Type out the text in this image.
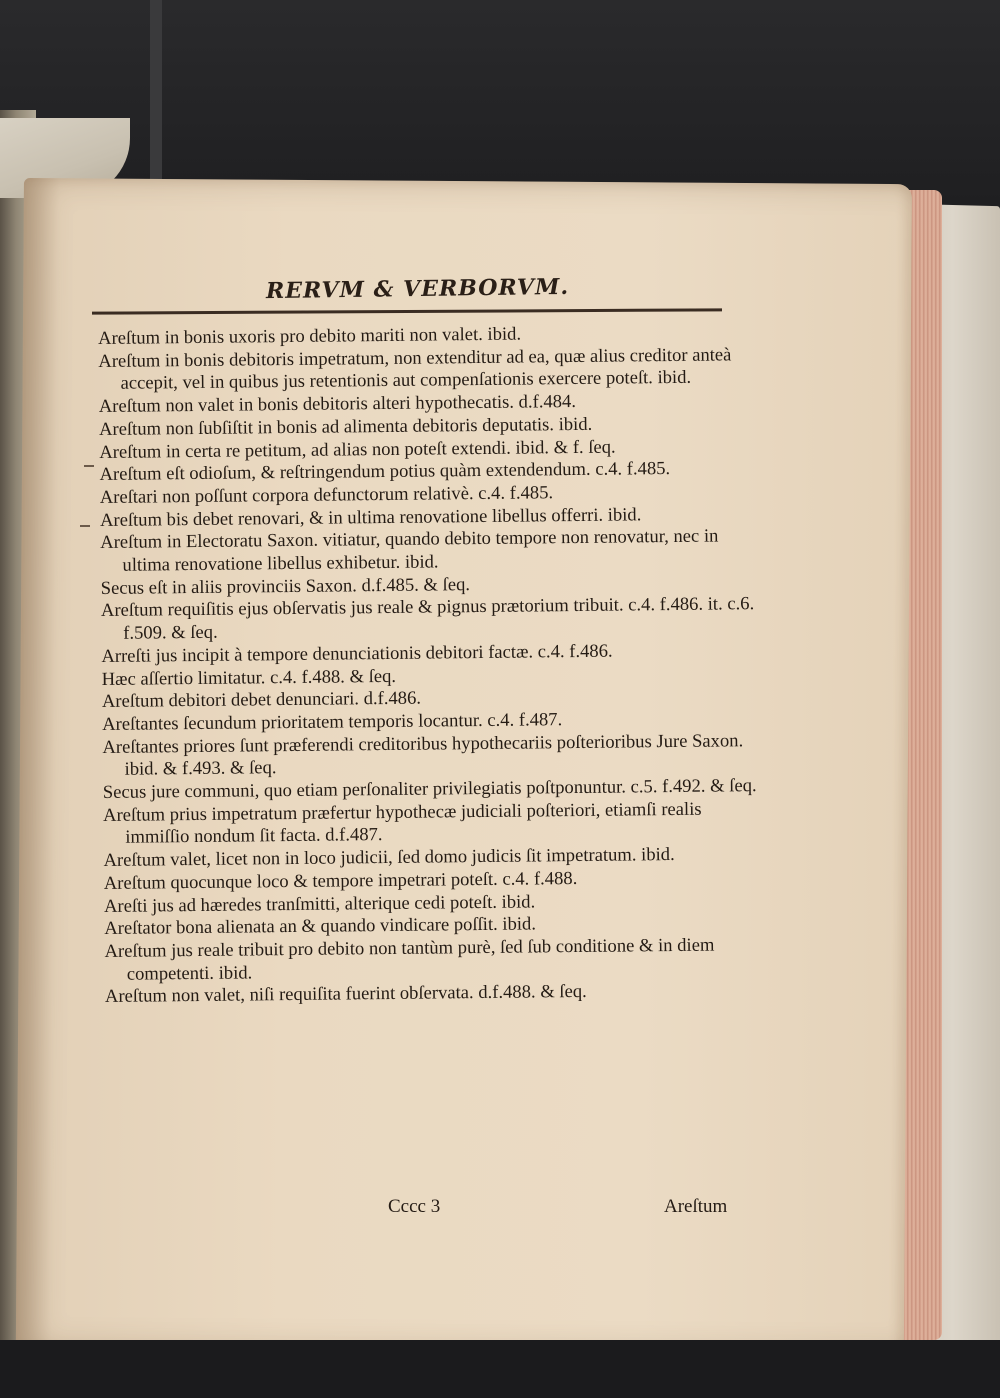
RERVM & VERBORVM.
Areſtum in bonis uxoris pro debito mariti non valet. ibid.
Areſtum in bonis debitoris impetratum, non extenditur ad ea, quæ alius creditor anteà accepit, vel in quibus jus retentionis aut compenſationis exercere poteſt. ibid.
Areſtum non valet in bonis debitoris alteri hypothecatis. d.f.484.
Areſtum non ſubſiſtit in bonis ad alimenta debitoris deputatis. ibid.
Areſtum in certa re petitum, ad alias non poteſt extendi. ibid. & f. ſeq.
Areſtum eſt odioſum, & reſtringendum potius quàm extendendum. c.4. f.485.
Areſtari non poſſunt corpora defunctorum relativè. c.4. f.485.
Areſtum bis debet renovari, & in ultima renovatione libellus offerri. ibid.
Areſtum in Electoratu Saxon. vitiatur, quando debito tempore non renovatur, nec in ultima renovatione libellus exhibetur. ibid.
Secus eſt in aliis provinciis Saxon. d.f.485. & ſeq.
Areſtum requiſitis ejus obſervatis jus reale & pignus prætorium tribuit. c.4. f.486. it. c.6. f.509. & ſeq.
Arreſti jus incipit à tempore denunciationis debitori factæ. c.4. f.486.
Hæc aſſertio limitatur. c.4. f.488. & ſeq.
Areſtum debitori debet denunciari. d.f.486.
Areſtantes ſecundum prioritatem temporis locantur. c.4. f.487.
Areſtantes priores ſunt præferendi creditoribus hypothecariis poſterioribus Jure Saxon. ibid. & f.493. & ſeq.
Secus jure communi, quo etiam perſonaliter privilegiatis poſtponuntur. c.5. f.492. & ſeq.
Areſtum prius impetratum præfertur hypothecæ judiciali poſteriori, etiamſi realis immiſſio nondum ſit facta. d.f.487.
Areſtum valet, licet non in loco judicii, ſed domo judicis ſit impetratum. ibid.
Areſtum quocunque loco & tempore impetrari poteſt. c.4. f.488.
Areſti jus ad hæredes tranſmitti, alterique cedi poteſt. ibid.
Areſtator bona alienata an & quando vindicare poſſit. ibid.
Areſtum jus reale tribuit pro debito non tantùm purè, ſed ſub conditione & in diem competenti. ibid.
Areſtum non valet, niſi requiſita fuerint obſervata. d.f.488. & ſeq.
Cccc 3	Areſtum
